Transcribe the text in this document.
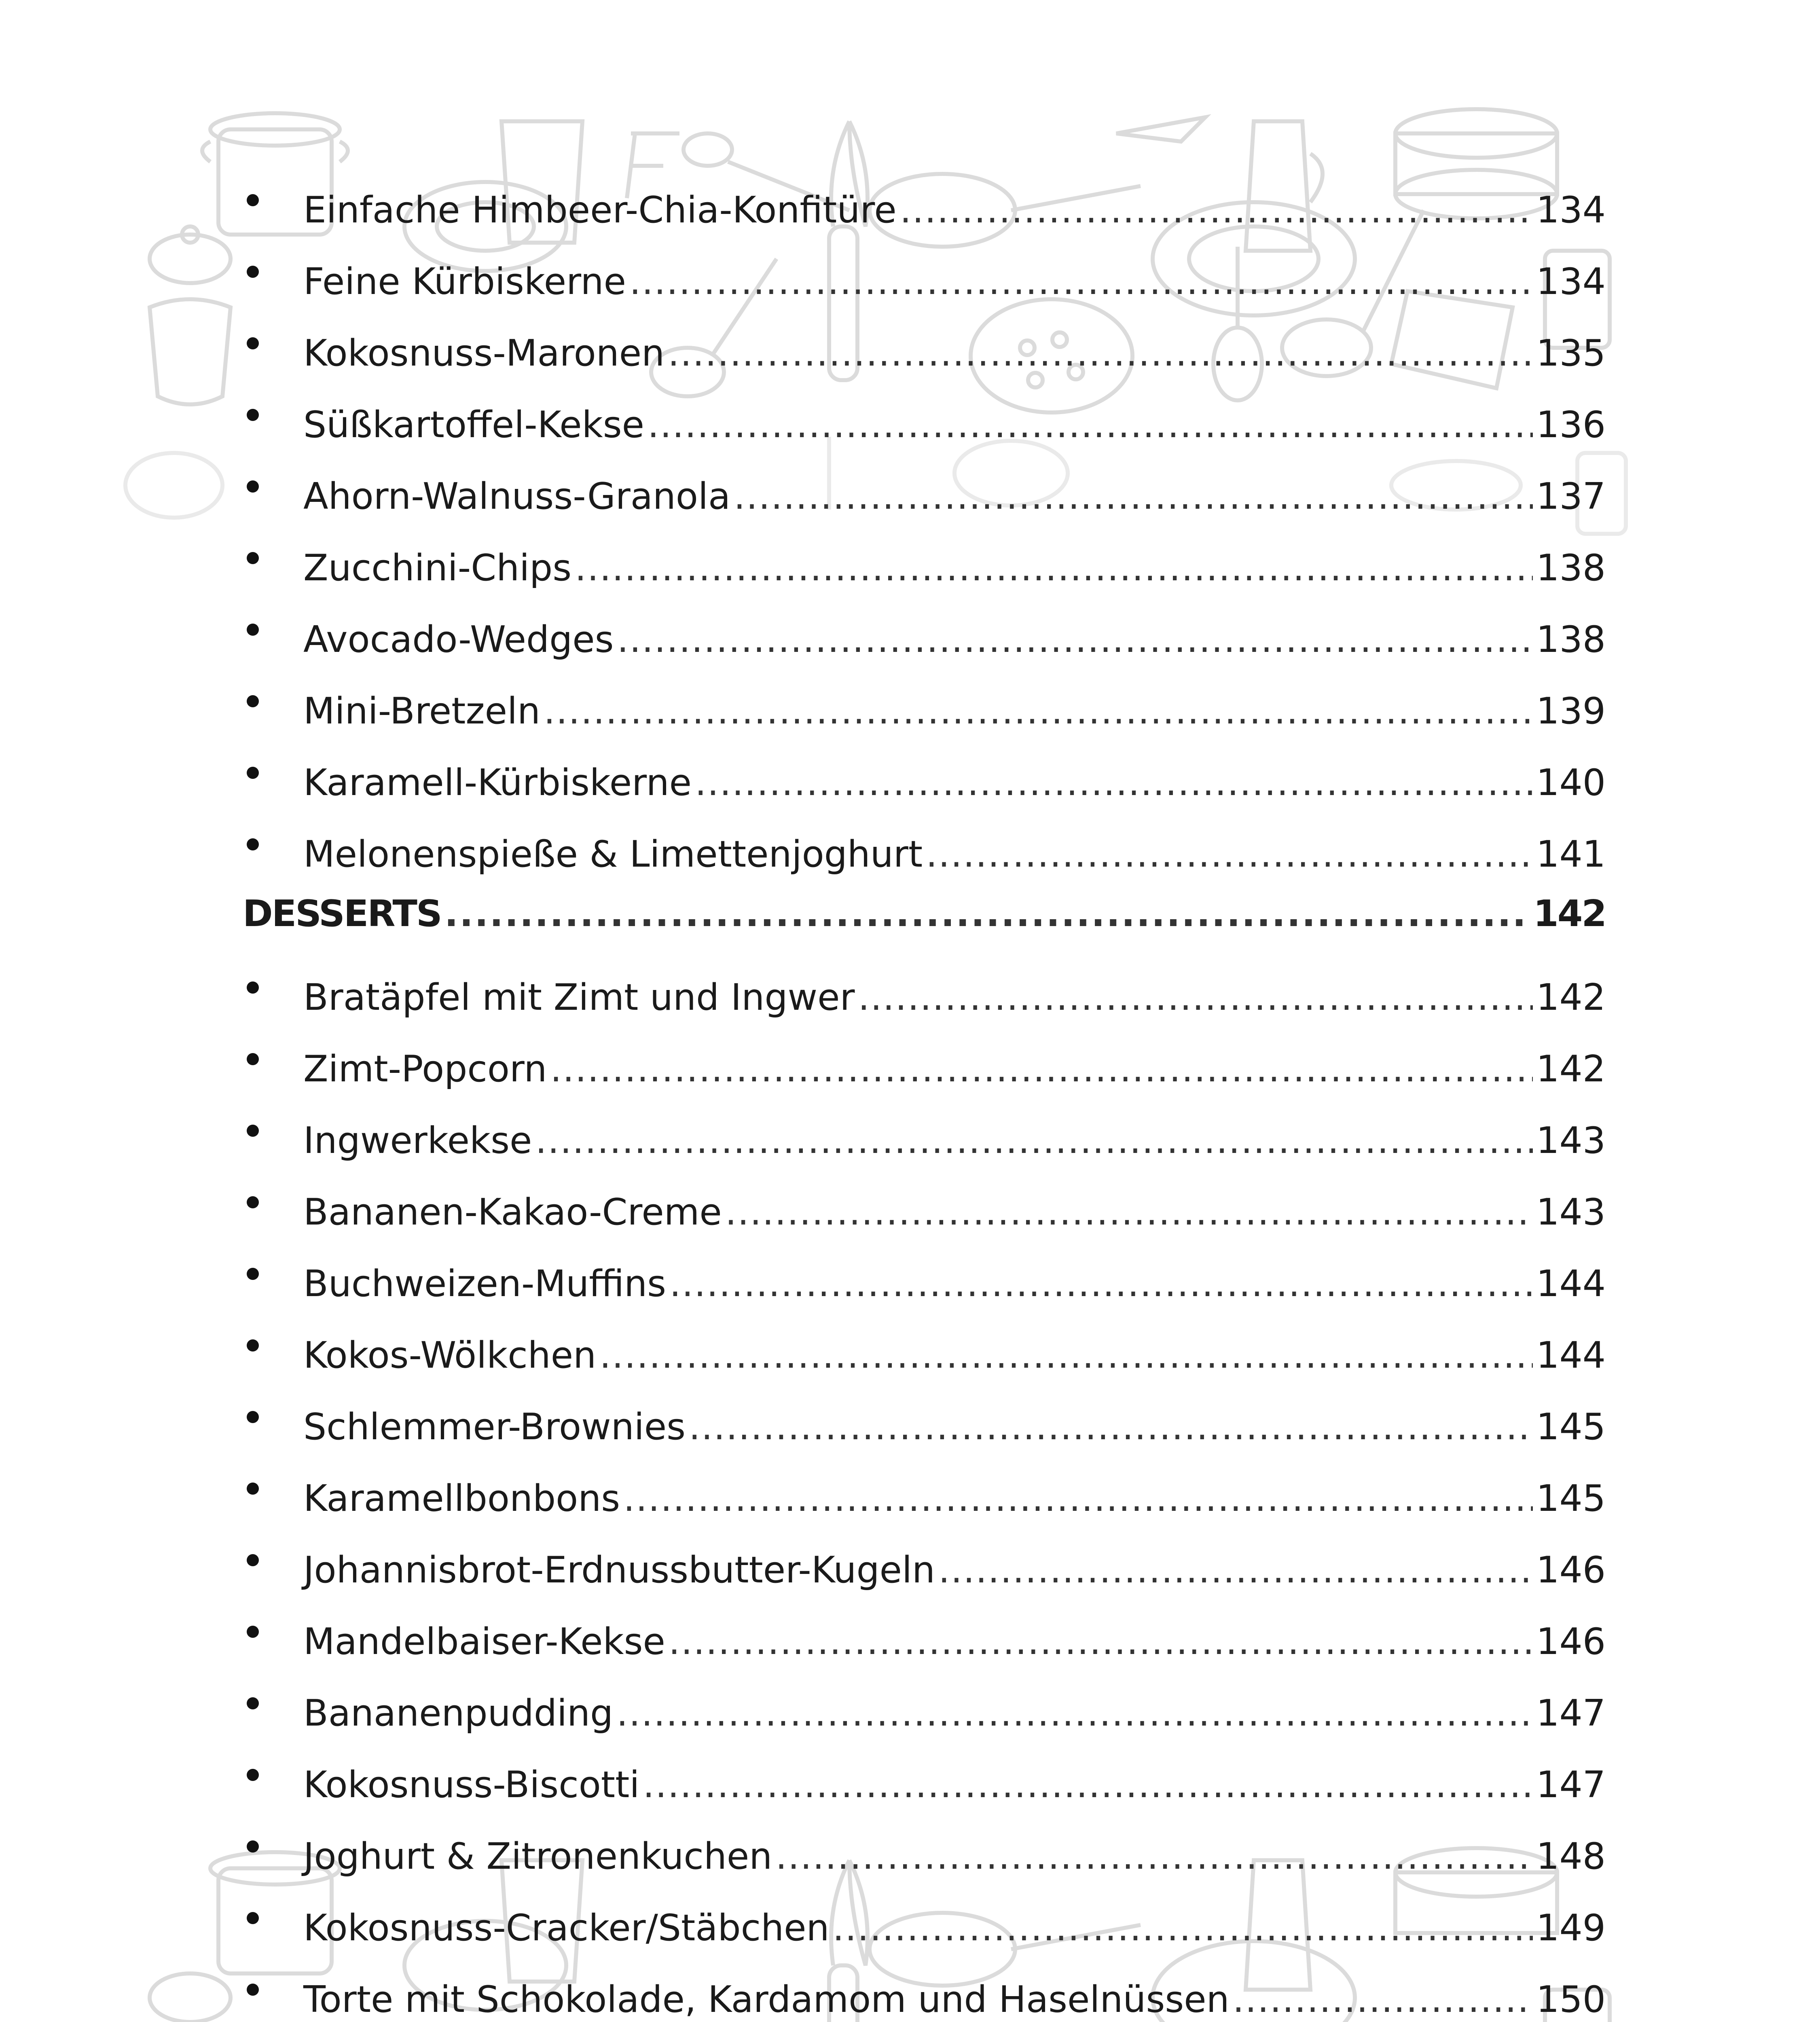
Einfache Himbeer-Chia-Konfitüre .....	134
Feine Kürbiskerne .....	134
Kokosnuss-Maronen .....	135
Süßkartoffel-Kekse .....	136
Ahorn-Walnuss-Granola .....	137
Zucchini-Chips .....	138
Avocado-Wedges .....	138
Mini-Bretzeln .....	139
Karamell-Kürbiskerne .....	140
Melonenspieße & Limettenjoghurt .....	141
DESSERTS .....	142
Bratäpfel mit Zimt und Ingwer .....	142
Zimt-Popcorn .....	142
Ingwerkekse .....	143
Bananen-Kakao-Creme .....	143
Buchweizen-Muffins .....	144
Kokos-Wölkchen .....	144
Schlemmer-Brownies .....	145
Karamellbonbons .....	145
Johannisbrot-Erdnussbutter-Kugeln .....	146
Mandelbaiser-Kekse .....	146
Bananenpudding .....	147
Kokosnuss-Biscotti .....	147
Joghurt & Zitronenkuchen .....	148
Kokosnuss-Cracker/Stäbchen .....	149
Torte mit Schokolade, Kardamom und Haselnüssen .....	150
